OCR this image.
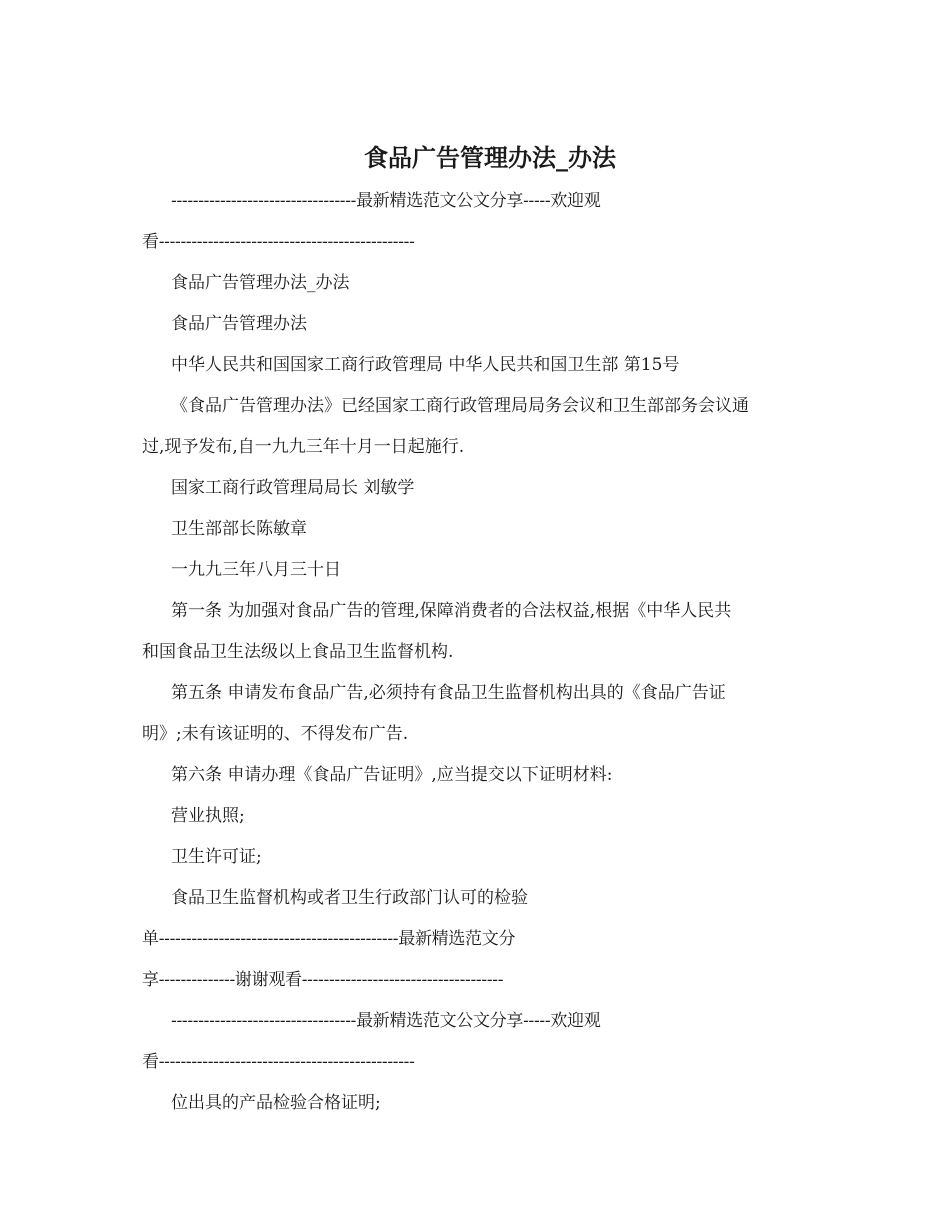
食品广告管理办法_办法
----------------------------------最新精选范文公文分享-----欢迎观
看-----------------------------------------------
食品广告管理办法_办法
食品广告管理办法
中华人民共和国国家工商行政管理局 中华人民共和国卫生部 第15号
《食品广告管理办法》已经国家工商行政管理局局务会议和卫生部部务会议通
过,现予发布,自一九九三年十月一日起施行.
国家工商行政管理局局长 刘敏学
卫生部部长陈敏章
一九九三年八月三十日
第一条 为加强对食品广告的管理,保障消费者的合法权益,根据《中华人民共
和国食品卫生法级以上食品卫生监督机构.
第五条 申请发布食品广告,必须持有食品卫生监督机构出具的《食品广告证
明》;未有该证明的、不得发布广告.
第六条 申请办理《食品广告证明》,应当提交以下证明材料:
营业执照;
卫生许可证;
食品卫生监督机构或者卫生行政部门认可的检验
单--------------------------------------------最新精选范文分
享--------------谢谢观看-------------------------------------
----------------------------------最新精选范文公文分享-----欢迎观
看-----------------------------------------------
位出具的产品检验合格证明;
